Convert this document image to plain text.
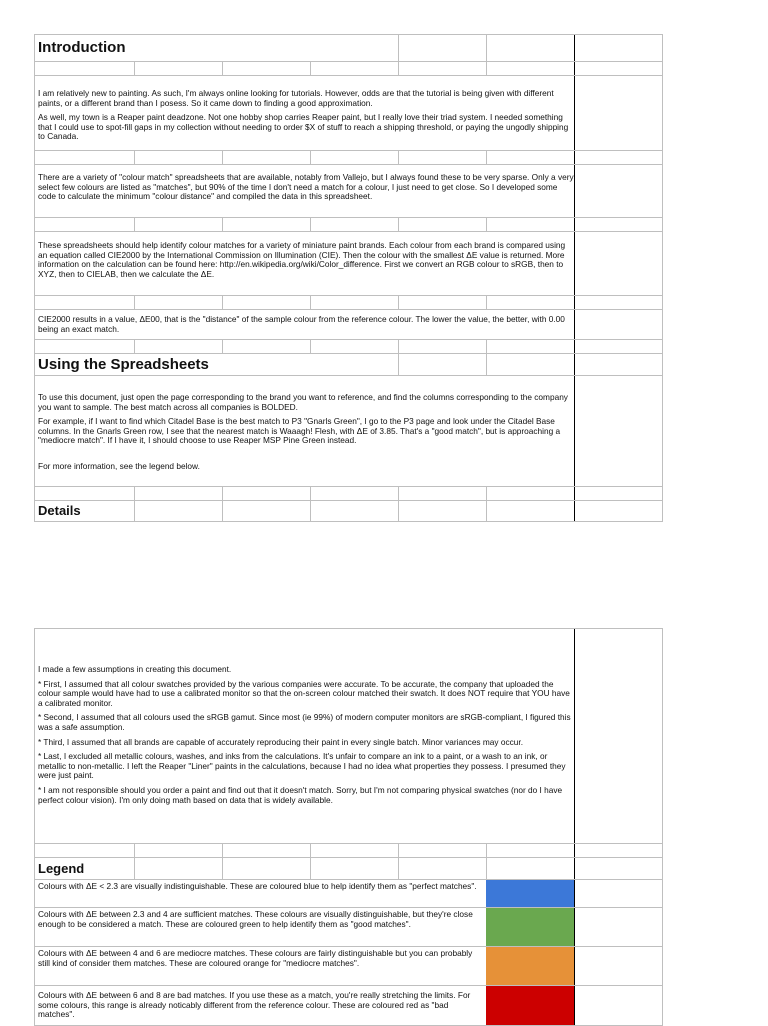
Introduction

I am relatively new to painting. As such, I'm always online looking for tutorials. However, odds are that the tutorial is being given with different paints, or a different brand than I posess. So it came down to finding a good approximation.

As well, my town is a Reaper paint deadzone. Not one hobby shop carries Reaper paint, but I really love their triad system. I needed something that I could use to spot-fill gaps in my collection without needing to order $X of stuff to reach a shipping threshold, or paying the ungodly shipping to Canada.

There are a variety of "colour match" spreadsheets that are available, notably from Vallejo, but I always found these to be very sparse. Only a very select few colours are listed as "matches", but 90% of the time I don't need a match for a colour, I just need to get close. So I developed some code to calculate the minimum "colour distance" and compiled the data in this spreadsheet.

These spreadsheets should help identify colour matches for a variety of miniature paint brands. Each colour from each brand is compared using an equation called CIE2000 by the International Commission on Illumination (CIE). Then the colour with the smallest ΔE value is returned. More information on the calculation can be found here: http://en.wikipedia.org/wiki/Color_difference. First we convert an RGB colour to sRGB, then to XYZ, then to CIELAB, then we calculate the ΔE.

CIE2000 results in a value, ΔE00, that is the "distance" of the sample colour from the reference colour. The lower the value, the better, with 0.00 being an exact match.

Using the Spreadsheets

To use this document, just open the page corresponding to the brand you want to reference, and find the columns corresponding to the company you want to sample. The best match across all companies is BOLDED.

For example, if I want to find which Citadel Base is the best match to P3 "Gnarls Green", I go to the P3 page and look under the Citadel Base columns. In the Gnarls Green row, I see that the nearest match is Waaagh! Flesh, with ΔE of 3.85. That's a "good match", but is approaching a "mediocre match". If I have it, I should choose to use Reaper MSP Pine Green instead.

For more information, see the legend below.

Details

I made a few assumptions in creating this document.

* First, I assumed that all colour swatches provided by the various companies were accurate. To be accurate, the company that uploaded the colour sample would have had to use a calibrated monitor so that the on-screen colour matched their swatch. It does NOT require that YOU have a calibrated monitor.

* Second, I assumed that all colours used the sRGB gamut. Since most (ie 99%) of modern computer monitors are sRGB-compliant, I figured this was a safe assumption.

* Third, I assumed that all brands are capable of accurately reproducing their paint in every single batch. Minor variances may occur.

* Last, I excluded all metallic colours, washes, and inks from the calculations. It's unfair to compare an ink to a paint, or a wash to an ink, or metallic to non-metallic. I left the Reaper "Liner" paints in the calculations, because I had no idea what properties they possess. I presumed they were just paint.

* I am not responsible should you order a paint and find out that it doesn't match. Sorry, but I'm not comparing physical swatches (nor do I have perfect colour vision). I'm only doing math based on data that is widely available.

Legend
Colours with ΔE < 2.3 are visually indistinguishable. These are coloured blue to help identify them as "perfect matches".
Colours with ΔE between 2.3 and 4 are sufficient matches. These colours are visually distinguishable, but they're close enough to be considered a match. These are coloured green to help identify them as "good matches".
Colours with ΔE between 4 and 6 are mediocre matches. These colours are fairly distinguishable but you can probably still kind of consider them matches. These are coloured orange for "mediocre matches".
Colours with ΔE between 6 and 8 are bad matches. If you use these as a match, you're really stretching the limits. For some colours, this range is already noticably different from the reference colour. These are coloured red as "bad matches".
